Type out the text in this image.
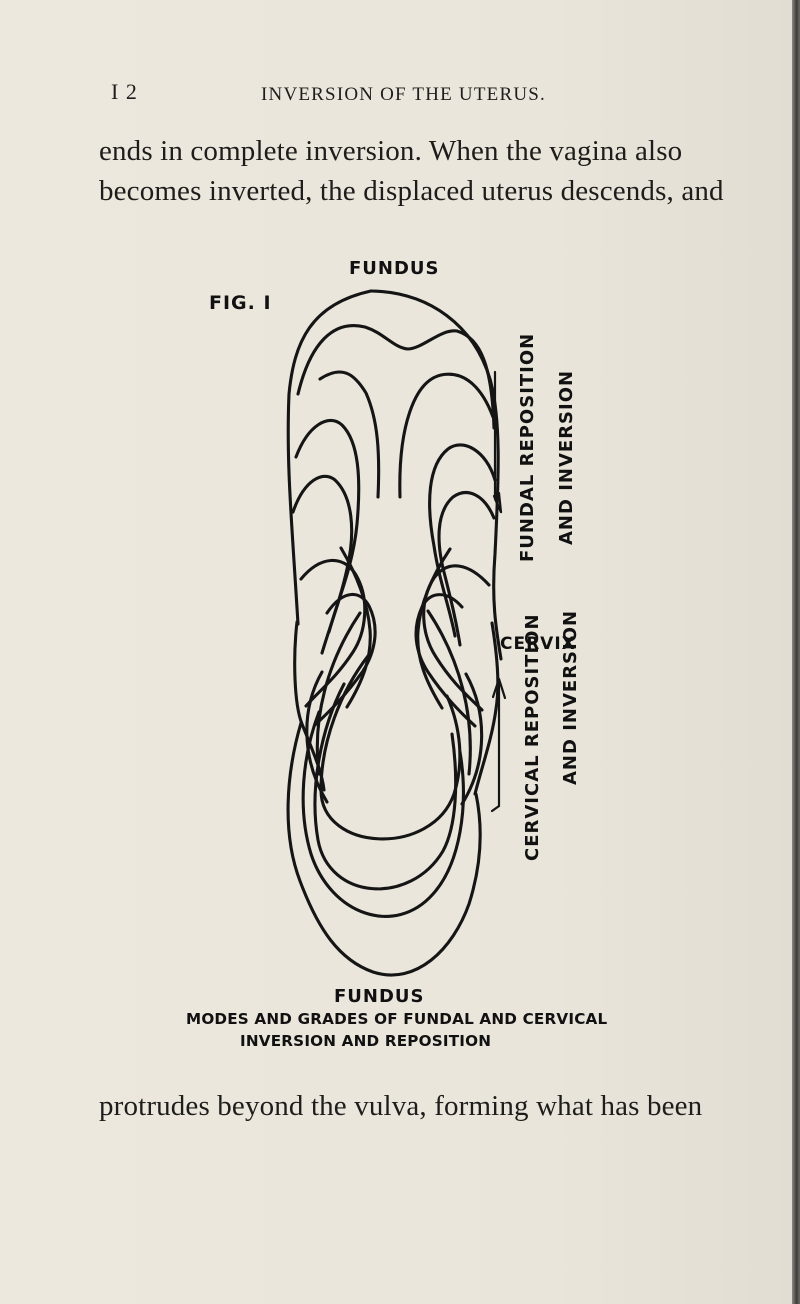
I 2	INVERSION OF THE UTERUS.
ends in complete inversion. When the vagina also
becomes inverted, the displaced uterus descends, and
FUNDUS
FIG. I
FUNDAL REPOSITION AND INVERSION
CERVIX
CERVICAL REPOSITION AND INVERSION
FUNDUS
MODES AND GRADES OF FUNDAL AND CERVICAL
INVERSION AND REPOSITION
protrudes beyond the vulva, forming what has been
